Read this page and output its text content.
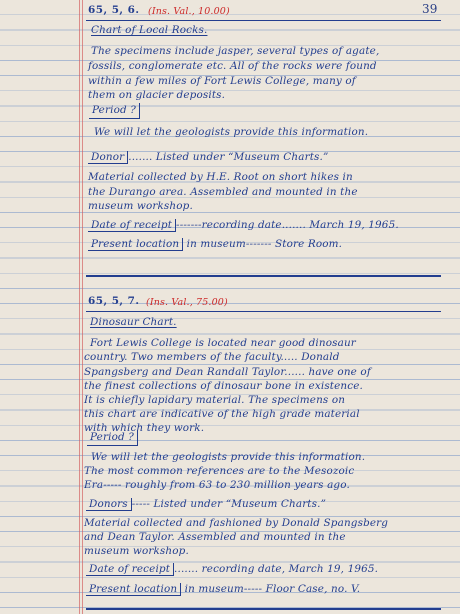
65, 5, 6. (Ins. Val., 10.00)	39
Chart of Local Rocks.
The specimens include jasper, several types of agate,
fossils, conglomerate etc. All of the rocks were found
within a few miles of Fort Lewis College, many of
them on glacier deposits.
Period ?
We will let the geologists provide this information.
Donor ....... Listed under “Museum Charts.”
Material collected by H.E. Root on short hikes in
the Durango area. Assembled and mounted in the
museum workshop.
Date of receipt -------recording date....... March 19, 1965.
Present location in museum------- Store Room.
65, 5, 7. (Ins. Val., 75.00)
Dinosaur Chart.
Fort Lewis College is located near good dinosaur
country. Two members of the faculty..... Donald
Spangsberg and Dean Randall Taylor...... have one of
the finest collections of dinosaur bone in existence.
It is chiefly lapidary material. The specimens on
this chart are indicative of the high grade material
with which they work.
Period ?
We will let the geologists provide this information.
The most common references are to the Mesozoic
Era----- roughly from 63 to 230 million years ago.
Donors ----- Listed under “Museum Charts.”
Material collected and fashioned by Donald Spangsberg
and Dean Taylor. Assembled and mounted in the
museum workshop.
Date of receipt ....... recording date, March 19, 1965.
Present location in museum----- Floor Case, no. V.
